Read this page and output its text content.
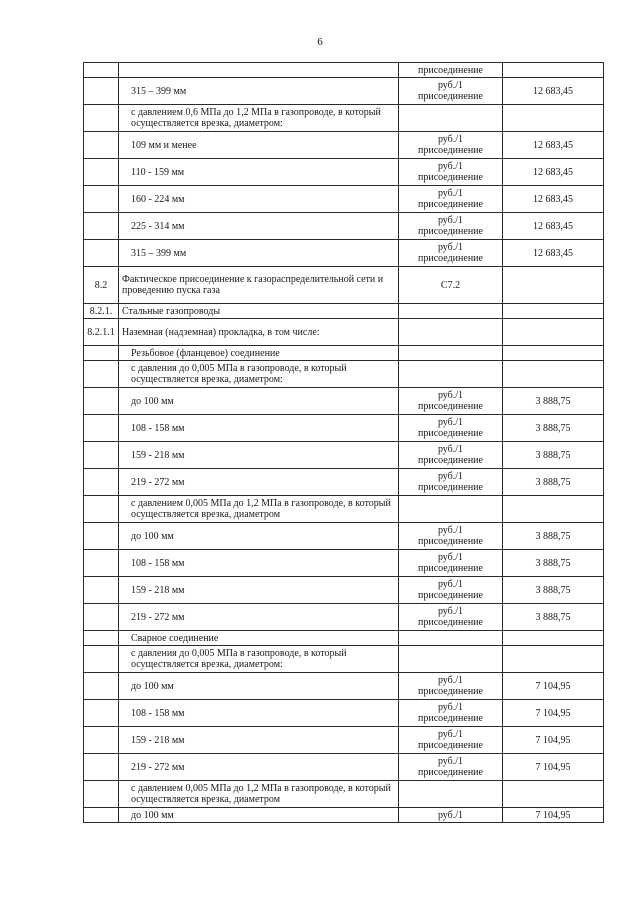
6

		присоединение	

	315 – 399 мм	руб./1
присоединение	12 683,45
	с давлением 0,6 МПа до 1,2 МПа в газопроводе, в который осуществляется врезка, диаметром:		
	109 мм и менее	руб./1
присоединение	12 683,45
	110 - 159 мм	руб./1
присоединение	12 683,45
	160 - 224 мм	руб./1
присоединение	12 683,45
	225 - 314 мм	руб./1
присоединение	12 683,45
	315 – 399 мм	руб./1
присоединение	12 683,45
8.2	Фактическое присоединение к газораспределительной сети и проведению пуска газа	С7.2	

8.2.1.	Стальные газопроводы		
8.2.1.1	Наземная (надземная) прокладка, в том числе:		
	Резьбовое (фланцевое) соединение		
	с давления до 0,005 МПа в газопроводе, в который осуществляется врезка, диаметром:		
	до 100 мм	руб./1
присоединение	3 888,75
	108 - 158 мм	руб./1
присоединение	3 888,75
	159 - 218 мм	руб./1
присоединение	3 888,75
	219 - 272 мм	руб./1
присоединение	3 888,75
	с давлением 0,005 МПа до 1,2 МПа в газопроводе, в который осуществляется врезка, диаметром		
	до 100 мм	руб./1
присоединение	3 888,75
	108 - 158 мм	руб./1
присоединение	3 888,75
	159 - 218 мм	руб./1
присоединение	3 888,75
	219 - 272 мм	руб./1
присоединение	3 888,75
	Сварное соединение		
	с давления до 0,005 МПа в газопроводе, в который осуществляется врезка, диаметром:		
	до 100 мм	руб./1
присоединение	7 104,95
	108 - 158 мм	руб./1
присоединение	7 104,95
	159 - 218 мм	руб./1
присоединение	7 104,95
	219 - 272 мм	руб./1
присоединение	7 104,95
	с давлением 0,005 МПа до 1,2 МПа в газопроводе, в который осуществляется врезка, диаметром		
	до 100 мм	руб./1	7 104,95
